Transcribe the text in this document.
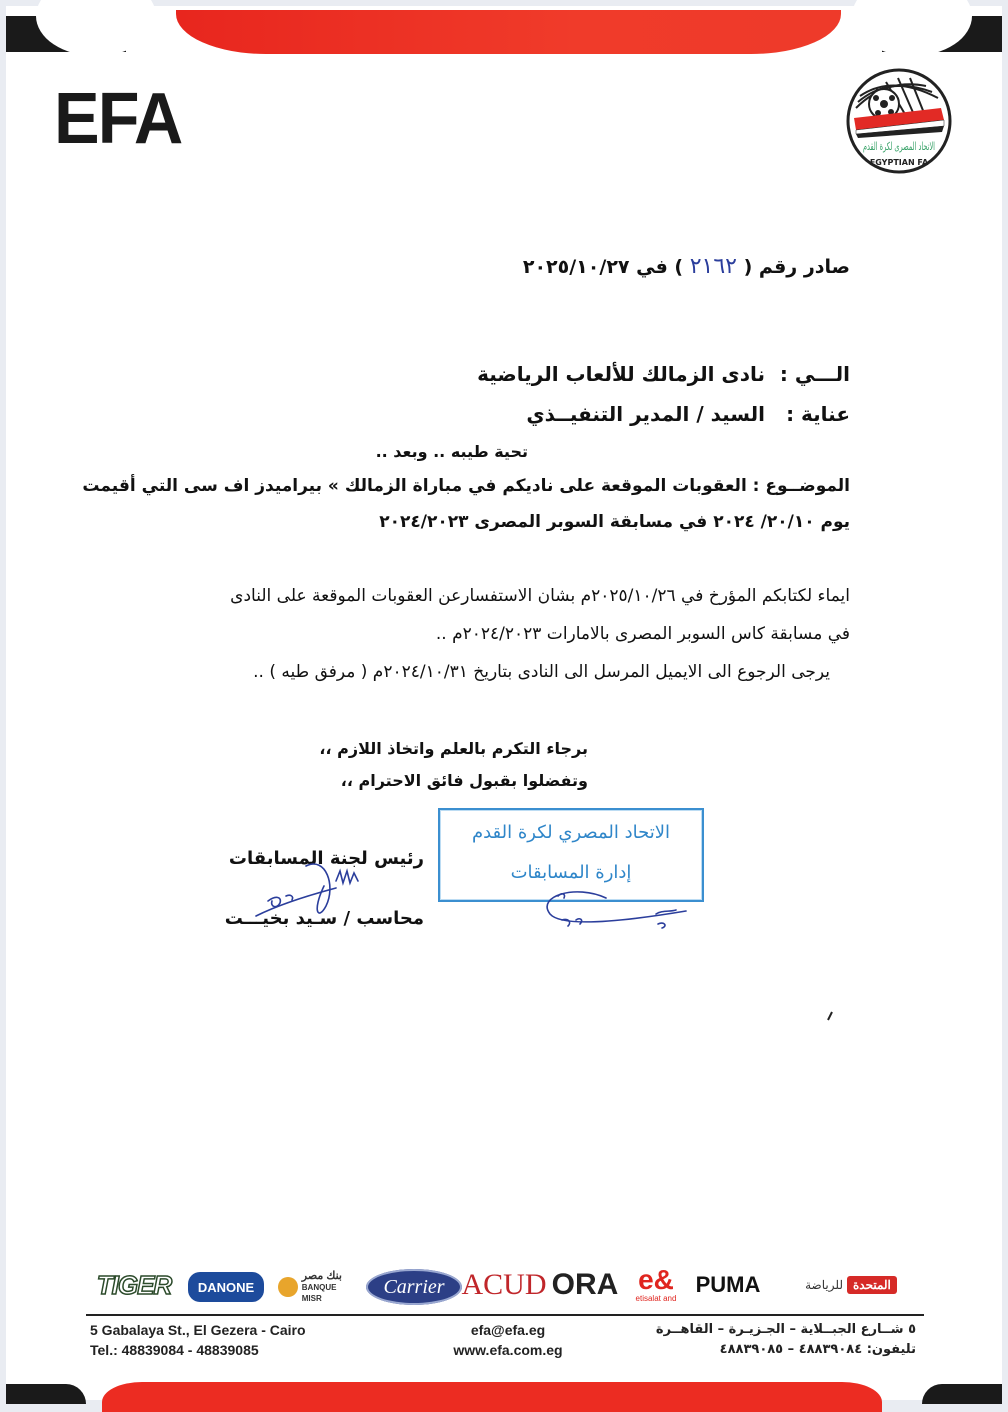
EFA	الاتحاد المصرى لكرة القدم
EGYPTIAN FA
صادر رقم ( ٢١٦٢ ) في ٢٠٢٥/١٠/٢٧
الـــي : نادى الزمالك للألعاب الرياضية
عناية : السيد / المدير التنفيــذي
تحية طيبه .. وبعد ..
الموضــوع : العقوبات الموقعة على ناديكم في مباراة الزمالك » بيراميدز اف سى التي أقيمت
يوم ٢٠/١٠/ ٢٠٢٤ في مسابقة السوبر المصرى ٢٠٢٤/٢٠٢٣
ايماء لكتابكم المؤرخ في ٢٠٢٥/١٠/٢٦م بشان الاستفسارعن العقوبات الموقعة على النادى
في مسابقة كاس السوبر المصرى بالامارات ٢٠٢٤/٢٠٢٣م ..
يرجى الرجوع الى الايميل المرسل الى النادى بتاريخ ٢٠٢٤/١٠/٣١م ( مرفق طيه ) ..
برجاء التكرم بالعلم واتخاذ اللازم ،،
وتفضلوا بقبول فائق الاحترام ،،
الاتحاد المصري لكرة القدم
إدارة المسابقات
رئيس لجنة المسابقات
محاسب / سـيد بخيـــت
TIGER	DANONE
بنك مصر
BANQUE MISR
Carrier ACUD ORA e&
etisalat and
PUMA	المتحدة
للرياضة
5 Gabalaya St., El Gezera - Cairo
Tel.: 48839084 - 48839085
efa@efa.eg
www.efa.com.eg
٥ شــارع الجبــلاية – الجـزيـرة – القاهــرة
تليفون: ٤٨٨٣٩٠٨٤ – ٤٨٨٣٩٠٨٥
